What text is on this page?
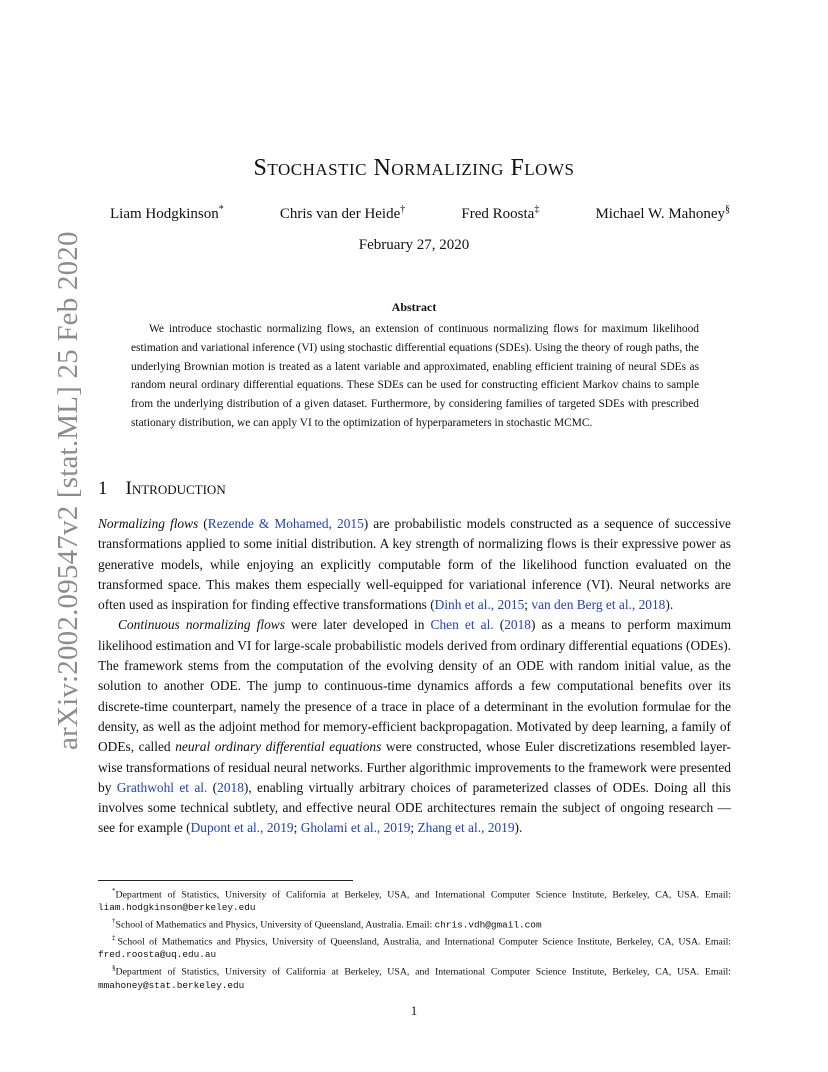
arXiv:2002.09547v2 [stat.ML] 25 Feb 2020
Stochastic Normalizing Flows
Liam Hodgkinson*	Chris van der Heide†	Fred Roosta‡	Michael W. Mahoney§
February 27, 2020
Abstract
We introduce stochastic normalizing flows, an extension of continuous normalizing flows for maximum likelihood estimation and variational inference (VI) using stochastic differential equations (SDEs). Using the theory of rough paths, the underlying Brownian motion is treated as a latent variable and approximated, enabling efficient training of neural SDEs as random neural ordinary differential equations. These SDEs can be used for constructing efficient Markov chains to sample from the underlying distribution of a given dataset. Furthermore, by considering families of targeted SDEs with prescribed stationary distribution, we can apply VI to the optimization of hyperparameters in stochastic MCMC.
1 Introduction

Normalizing flows (Rezende & Mohamed, 2015) are probabilistic models constructed as a sequence of successive transformations applied to some initial distribution. A key strength of normalizing flows is their expressive power as generative models, while enjoying an explicitly computable form of the likelihood function evaluated on the transformed space. This makes them especially well-equipped for variational inference (VI). Neural networks are often used as inspiration for finding effective transformations (Dinh et al., 2015; van den Berg et al., 2018).

Continuous normalizing flows were later developed in Chen et al. (2018) as a means to perform maximum likelihood estimation and VI for large-scale probabilistic models derived from ordinary differential equations (ODEs). The framework stems from the computation of the evolving density of an ODE with random initial value, as the solution to another ODE. The jump to continuous-time dynamics affords a few computational benefits over its discrete-time counterpart, namely the presence of a trace in place of a determinant in the evolution formulae for the density, as well as the adjoint method for memory-efficient backpropagation. Motivated by deep learning, a family of ODEs, called neural ordinary differential equations were constructed, whose Euler discretizations resembled layer-wise transformations of residual neural networks. Further algorithmic improvements to the framework were presented by Grathwohl et al. (2018), enabling virtually arbitrary choices of parameterized classes of ODEs. Doing all this involves some technical subtlety, and effective neural ODE architectures remain the subject of ongoing research — see for example (Dupont et al., 2019; Gholami et al., 2019; Zhang et al., 2019).

*Department of Statistics, University of California at Berkeley, USA, and International Computer Science Institute, Berkeley, CA, USA. Email: liam.hodgkinson@berkeley.edu

†School of Mathematics and Physics, University of Queensland, Australia. Email: chris.vdh@gmail.com

‡School of Mathematics and Physics, University of Queensland, Australia, and International Computer Science Institute, Berkeley, CA, USA. Email: fred.roosta@uq.edu.au

§Department of Statistics, University of California at Berkeley, USA, and International Computer Science Institute, Berkeley, CA, USA. Email: mmahoney@stat.berkeley.edu

1
